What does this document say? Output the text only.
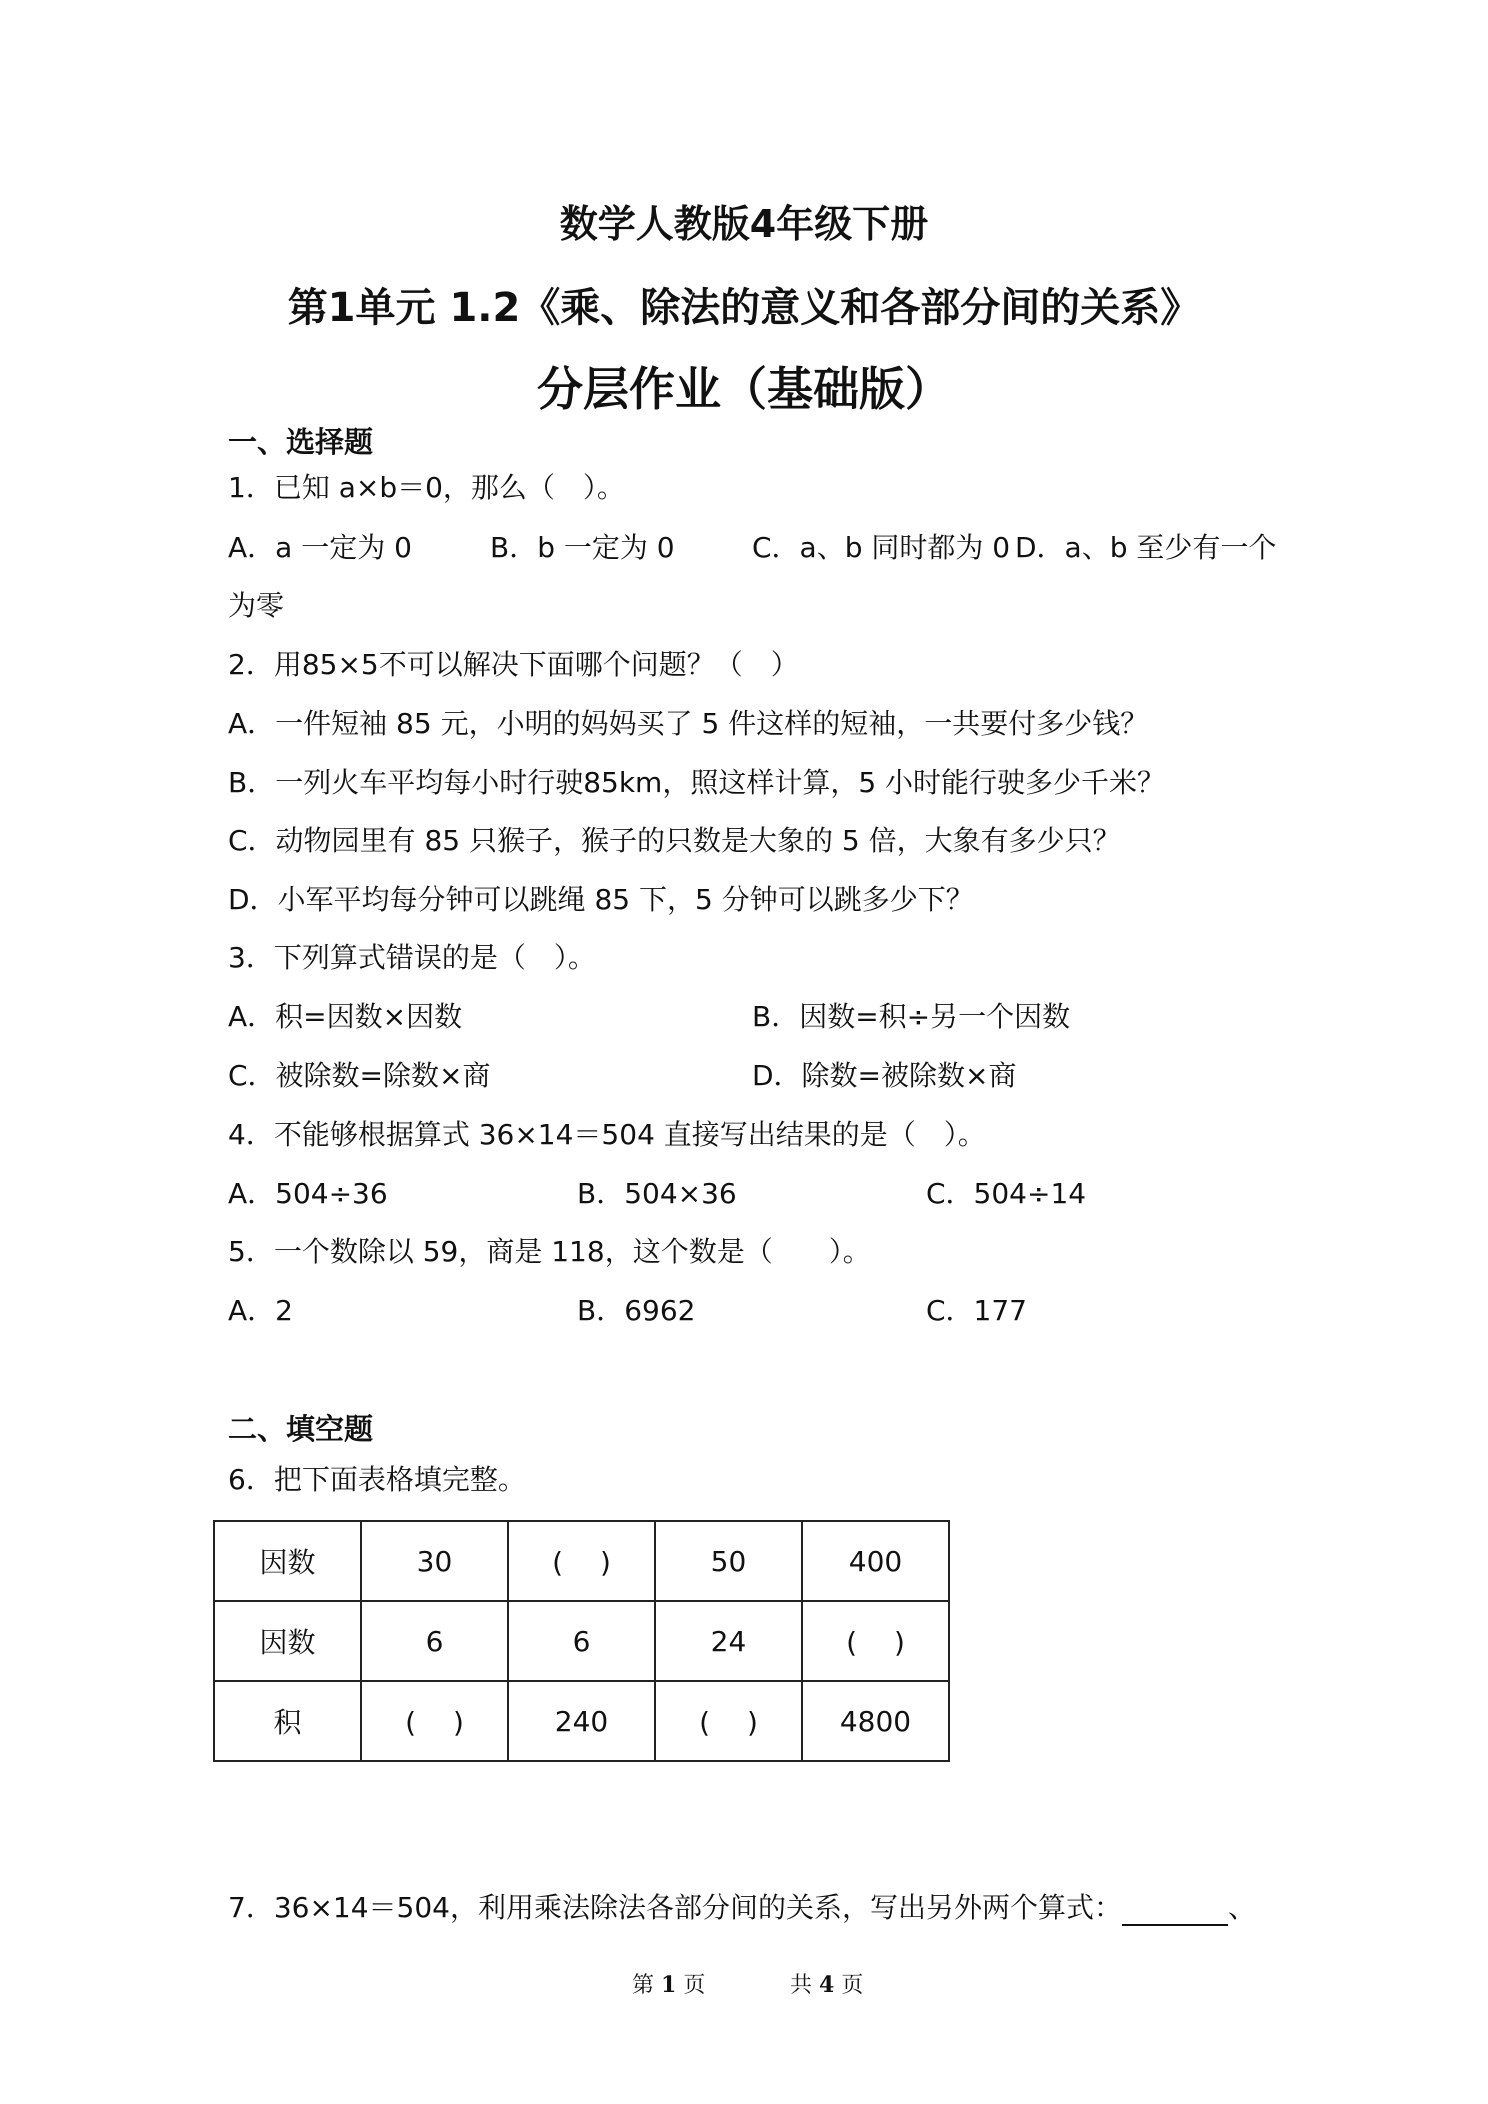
数学人教版4年级下册
第1单元 1.2《乘、除法的意义和各部分间的关系》
分层作业（基础版）
一、选择题
1．已知 a×b＝0，那么（　）。
A．a 一定为 0	B．b 一定为 0	C．a、b 同时都为 0 D．a、b 至少有一个
为零
2．用85×5不可以解决下面哪个问题？（　）
A．一件短袖 85 元，小明的妈妈买了 5 件这样的短袖，一共要付多少钱？
B．一列火车平均每小时行驶85km，照这样计算，5 小时能行驶多少千米？
C．动物园里有 85 只猴子，猴子的只数是大象的 5 倍，大象有多少只？
D．小军平均每分钟可以跳绳 85 下，5 分钟可以跳多少下？
3．下列算式错误的是（　）。
A．积=因数×因数	B．因数=积÷另一个因数
C．被除数=除数×商	D．除数=被除数×商
4．不能够根据算式 36×14＝504 直接写出结果的是（　）。
A．504÷36	B．504×36	C．504÷14
5．一个数除以 59，商是 118，这个数是（　　）。
A．2	B．6962	C．177
二、填空题
6．把下面表格填完整。
因数	30	(　 )	50	400
因数	6	6	24	(　 )
积	(　 )	240	(　 )	4800
7．36×14＝504，利用乘法除法各部分间的关系，写出另外两个算式：	、
第 1 页	共 4 页
